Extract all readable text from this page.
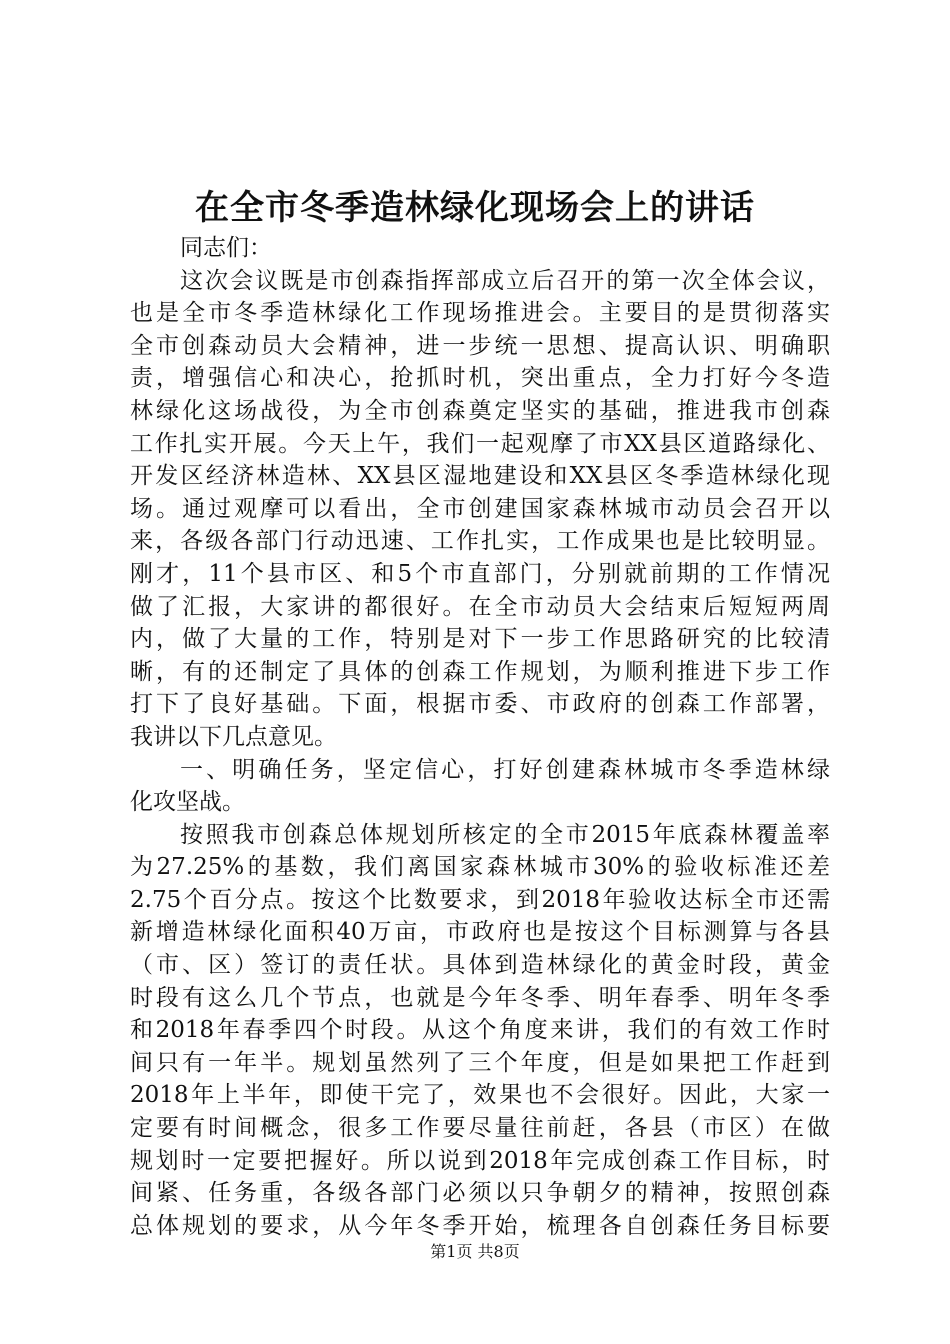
在全市冬季造林绿化现场会上的讲话
同志们：
这次会议既是市创森指挥部成立后召开的第一次全体会议，
也是全市冬季造林绿化工作现场推进会。主要目的是贯彻落实
全市创森动员大会精神，进一步统一思想、提高认识、明确职
责，增强信心和决心，抢抓时机，突出重点，全力打好今冬造
林绿化这场战役，为全市创森奠定坚实的基础，推进我市创森
工作扎实开展。今天上午，我们一起观摩了市XX县区道路绿化、
开发区经济林造林、XX县区湿地建设和XX县区冬季造林绿化现
场。通过观摩可以看出，全市创建国家森林城市动员会召开以
来，各级各部门行动迅速、工作扎实，工作成果也是比较明显。
刚才，11个县市区、和5个市直部门，分别就前期的工作情况
做了汇报，大家讲的都很好。在全市动员大会结束后短短两周
内，做了大量的工作，特别是对下一步工作思路研究的比较清
晰，有的还制定了具体的创森工作规划，为顺利推进下步工作
打下了良好基础。下面，根据市委、市政府的创森工作部署，
我讲以下几点意见。
一、明确任务，坚定信心，打好创建森林城市冬季造林绿
化攻坚战。
按照我市创森总体规划所核定的全市2015年底森林覆盖率
为27.25%的基数，我们离国家森林城市30%的验收标准还差
2.75个百分点。按这个比数要求，到2018年验收达标全市还需
新增造林绿化面积40万亩，市政府也是按这个目标测算与各县
（市、区）签订的责任状。具体到造林绿化的黄金时段，黄金
时段有这么几个节点，也就是今年冬季、明年春季、明年冬季
和2018年春季四个时段。从这个角度来讲，我们的有效工作时
间只有一年半。规划虽然列了三个年度，但是如果把工作赶到
2018年上半年，即使干完了，效果也不会很好。因此，大家一
定要有时间概念，很多工作要尽量往前赶，各县（市区）在做
规划时一定要把握好。所以说到2018年完成创森工作目标，时
间紧、任务重，各级各部门必须以只争朝夕的精神，按照创森
总体规划的要求，从今年冬季开始，梳理各自创森任务目标要
第1页 共8页
